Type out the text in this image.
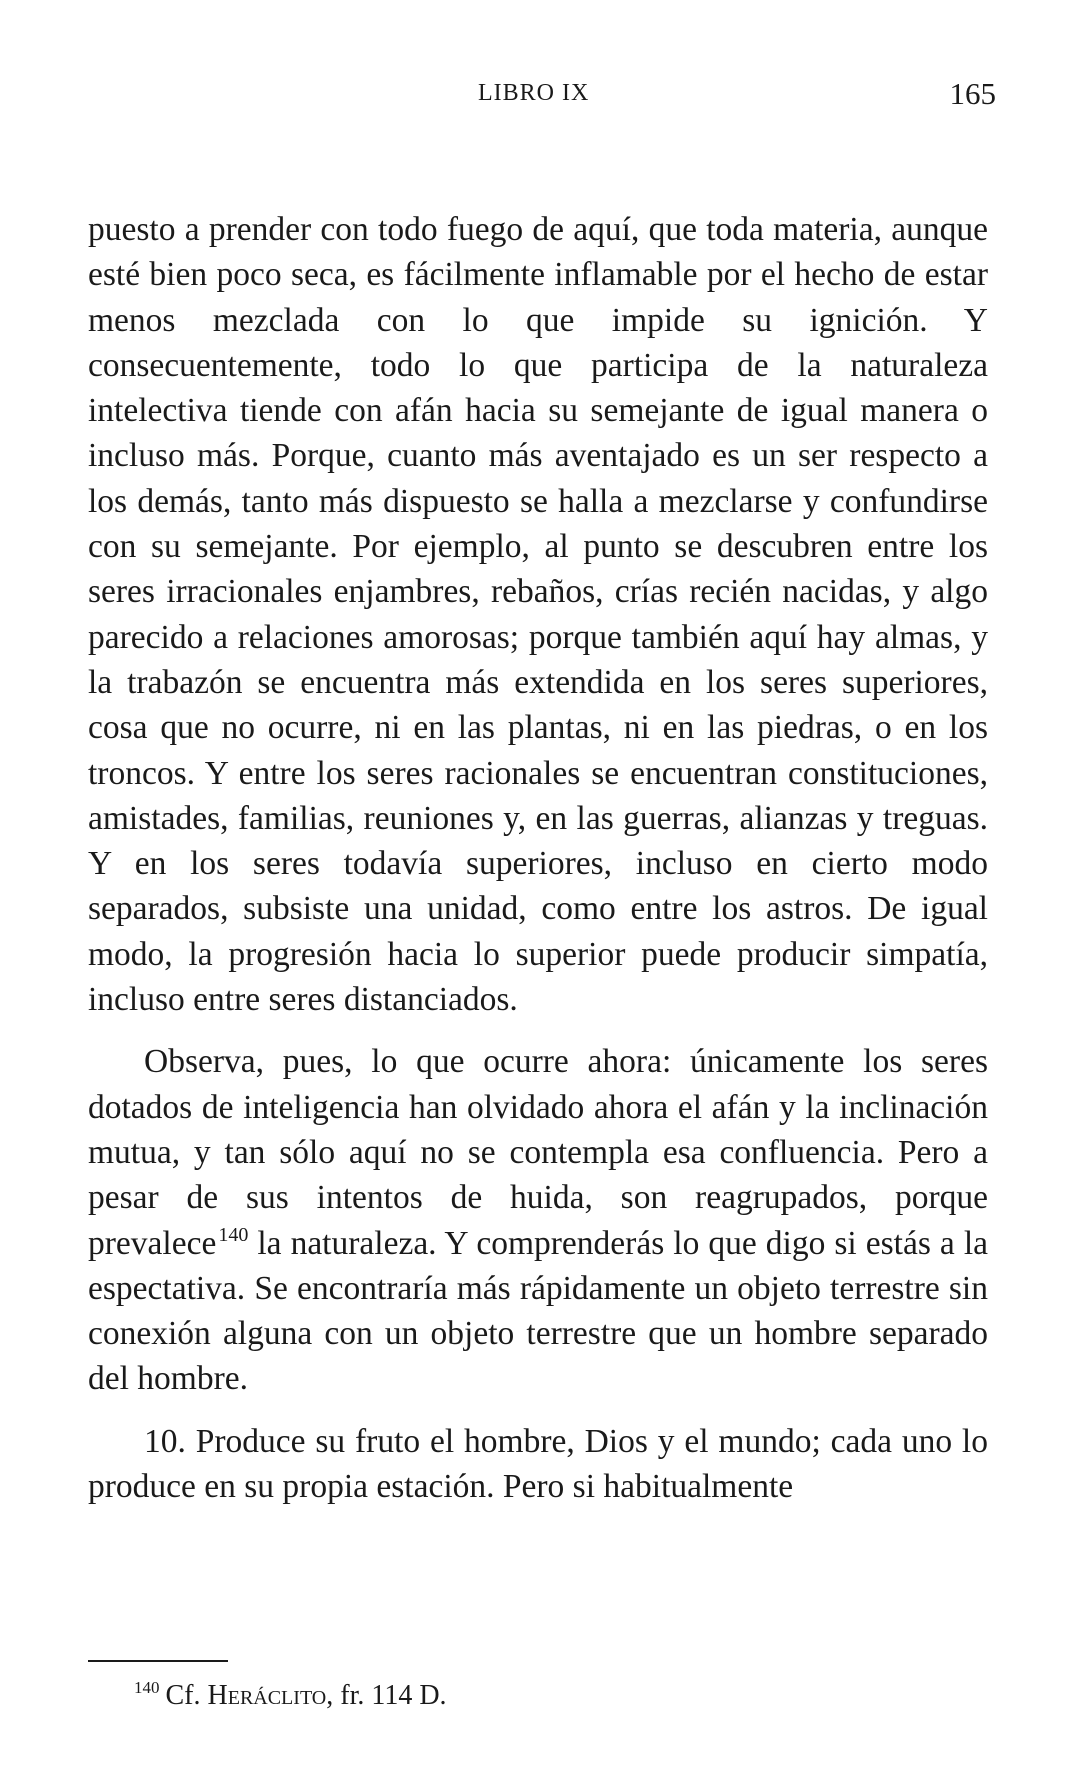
LIBRO IX	165

puesto a prender con todo fuego de aquí, que toda materia, aunque esté bien poco seca, es fácilmente inflamable por el hecho de estar menos mezclada con lo que impide su ignición. Y consecuentemente, todo lo que participa de la naturaleza intelectiva tiende con afán hacia su semejante de igual manera o incluso más. Porque, cuanto más aventajado es un ser respecto a los demás, tanto más dispuesto se halla a mezclarse y confundirse con su semejante. Por ejemplo, al punto se descubren entre los seres irracionales enjambres, rebaños, crías recién nacidas, y algo parecido a relaciones amorosas; porque también aquí hay almas, y la trabazón se encuentra más extendida en los seres superiores, cosa que no ocurre, ni en las plantas, ni en las piedras, o en los troncos. Y entre los seres racionales se encuentran constituciones, amistades, familias, reuniones y, en las guerras, alianzas y treguas. Y en los seres todavía superiores, incluso en cierto modo separados, subsiste una unidad, como entre los astros. De igual modo, la progresión hacia lo superior puede producir simpatía, incluso entre seres distanciados.

Observa, pues, lo que ocurre ahora: únicamente los seres dotados de inteligencia han olvidado ahora el afán y la inclinación mutua, y tan sólo aquí no se contempla esa confluencia. Pero a pesar de sus intentos de huida, son reagrupados, porque prevalece $^{140}$ la naturaleza. Y comprenderás lo que digo si estás a la espectativa. Se encontraría más rápidamente un objeto terrestre sin conexión alguna con un objeto terrestre que un hombre separado del hombre.

10. Produce su fruto el hombre, Dios y el mundo; cada uno lo produce en su propia estación. Pero si habitualmente

$^{140}$ Cf. Heráclito, fr. 114 D.
